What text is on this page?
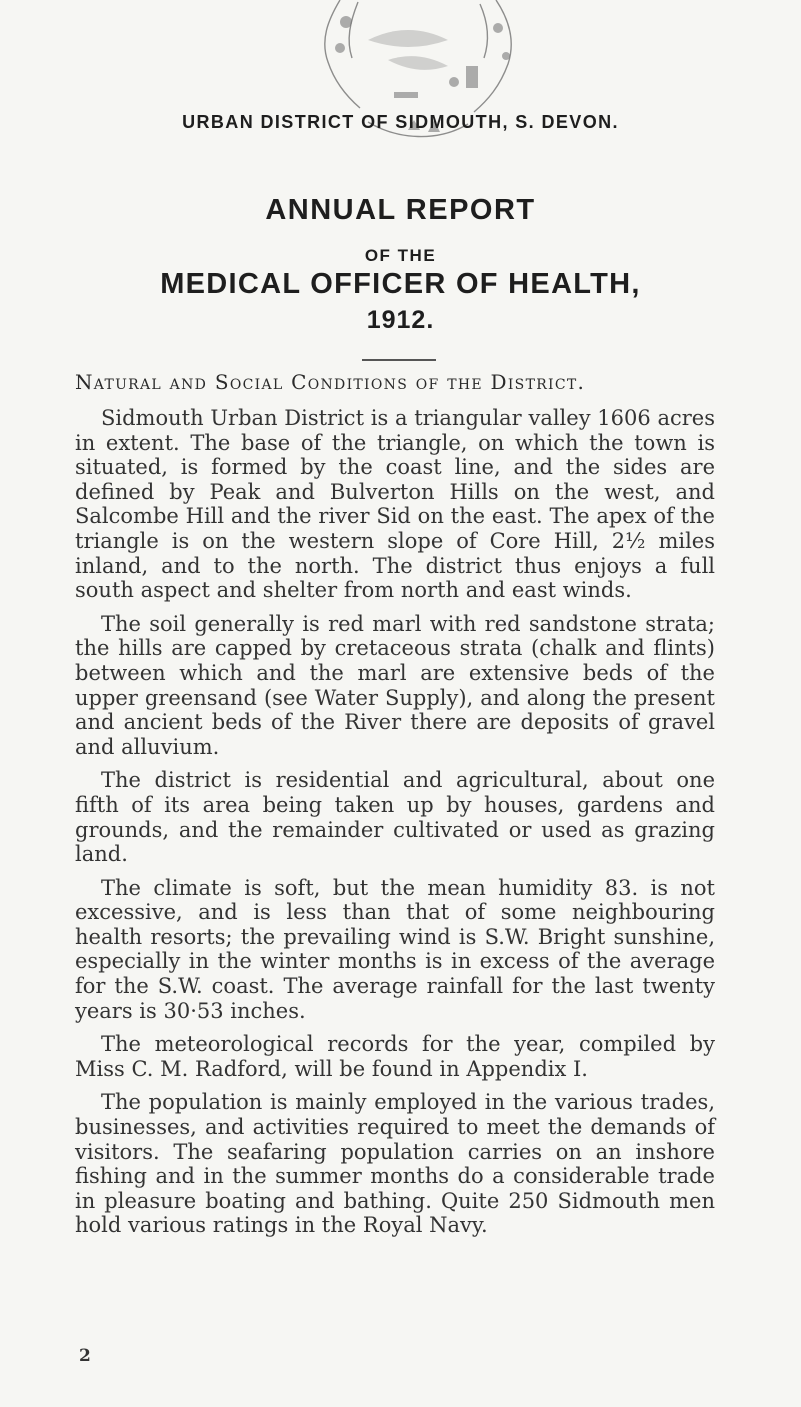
URBAN DISTRICT OF SIDMOUTH, S. DEVON.
ANNUAL REPORT
OF THE
MEDICAL OFFICER OF HEALTH,
1912.
Natural and Social Conditions of the District.

Sidmouth Urban District is a triangular valley 1606 acres in extent. The base of the triangle, on which the town is situated, is formed by the coast line, and the sides are defined by Peak and Bulverton Hills on the west, and Salcombe Hill and the river Sid on the east. The apex of the triangle is on the western slope of Core Hill, 2½ miles inland, and to the north. The district thus enjoys a full south aspect and shelter from north and east winds.

The soil generally is red marl with red sandstone strata; the hills are capped by cretaceous strata (chalk and flints) between which and the marl are extensive beds of the upper greensand (see Water Supply), and along the present and ancient beds of the River there are deposits of gravel and alluvium.

The district is residential and agricultural, about one fifth of its area being taken up by houses, gardens and grounds, and the remainder cultivated or used as grazing land.

The climate is soft, but the mean humidity 83. is not excessive, and is less than that of some neighbouring health resorts; the prevailing wind is S.W. Bright sunshine, especially in the winter months is in excess of the average for the S.W. coast. The average rainfall for the last twenty years is 30·53 inches.

The meteorological records for the year, compiled by Miss C. M. Radford, will be found in Appendix I.

The population is mainly employed in the various trades, businesses, and activities required to meet the demands of visitors. The seafaring population carries on an inshore fishing and in the summer months do a considerable trade in pleasure boating and bathing. Quite 250 Sidmouth men hold various ratings in the Royal Navy.

2
